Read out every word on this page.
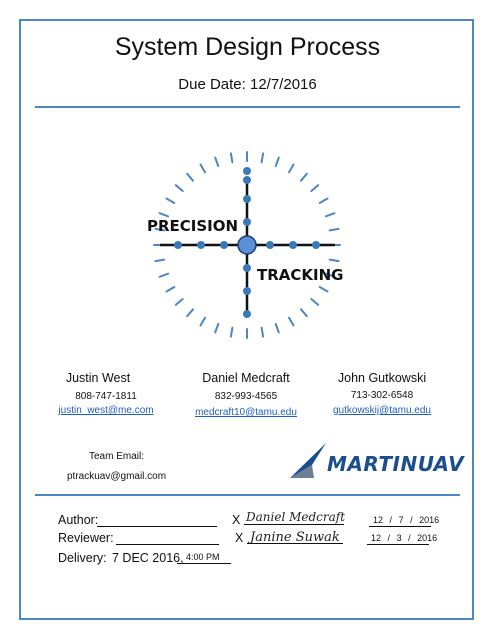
System Design Process
Due Date: 12/7/2016
PRECISION
TRACKING
Justin West
808-747-1811
justin_west@me.com
Daniel Medcraft
832-993-4565
medcraft10@tamu.edu
John Gutkowski
713-302-6548
gutkowskij@tamu.edu
Team Email:
ptrackuav@gmail.com
MARTINUAV
Author:	X Daniel Medcraft	12 / 7 / 2016
Reviewer:	X Janine Suwak	12 / 3 / 2016
Delivery: 7 DEC 2016, 4:00 PM
